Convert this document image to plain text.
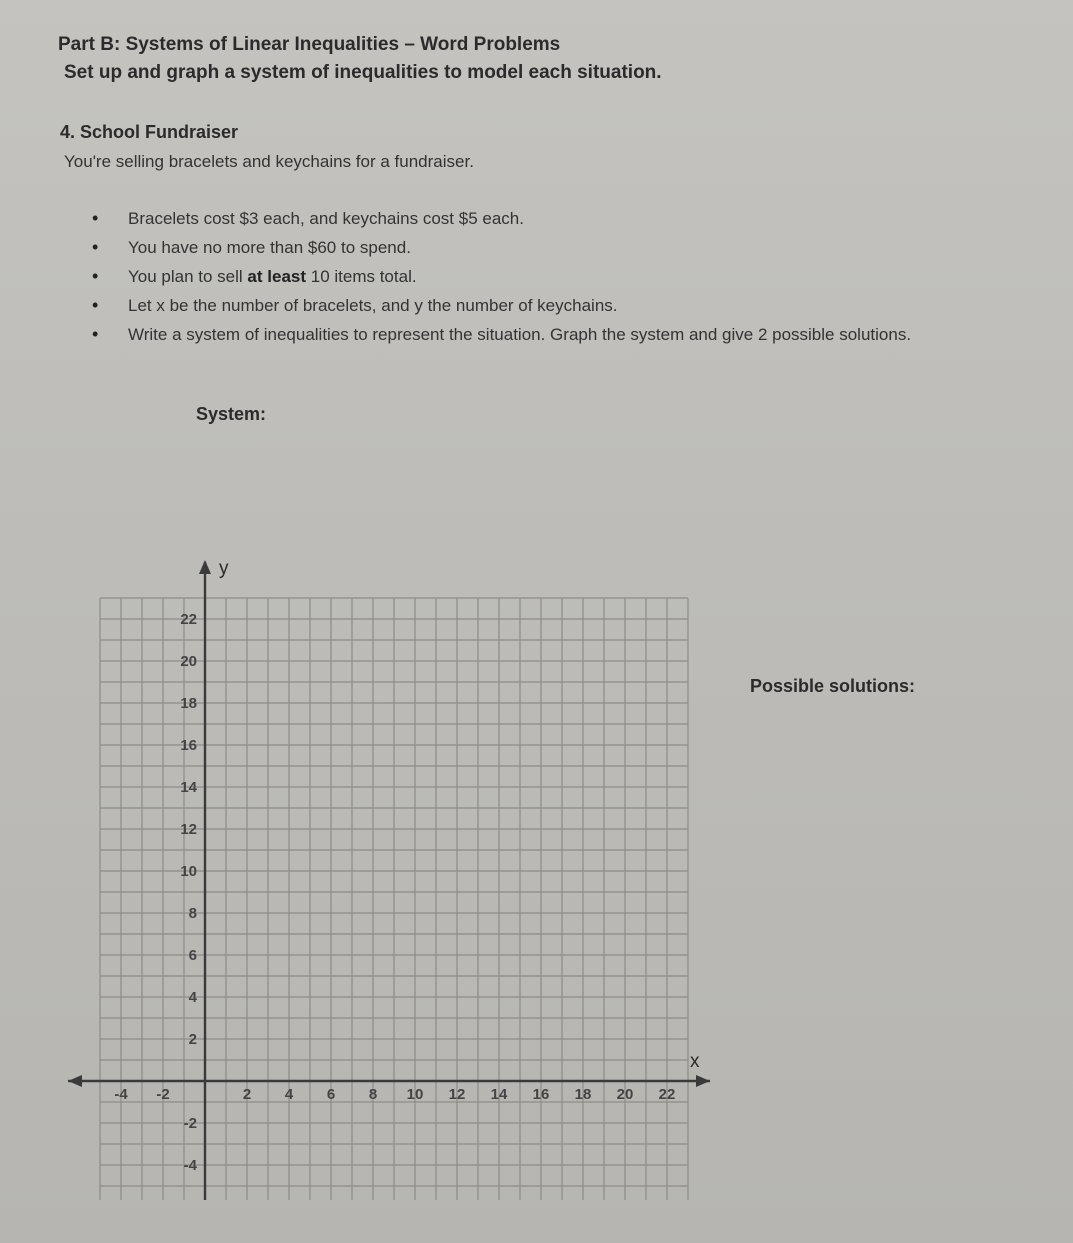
Part B: Systems of Linear Inequalities – Word Problems
Set up and graph a system of inequalities to model each situation.
4. School Fundraiser
You're selling bracelets and keychains for a fundraiser.
• Bracelets cost $3 each, and keychains cost $5 each.
• You have no more than $60 to spend.
• You plan to sell at least 10 items total.
• Let x be the number of bracelets, and y the number of keychains.
• Write a system of inequalities to represent the situation. Graph the system and give 2 possible solutions.
System:
Possible solutions:
-4 -2	2 4 6 8 10 12 14 16 18 20 22
22
20
18
16
14
12
10
8
6
4
2
-2
-4
x
y
